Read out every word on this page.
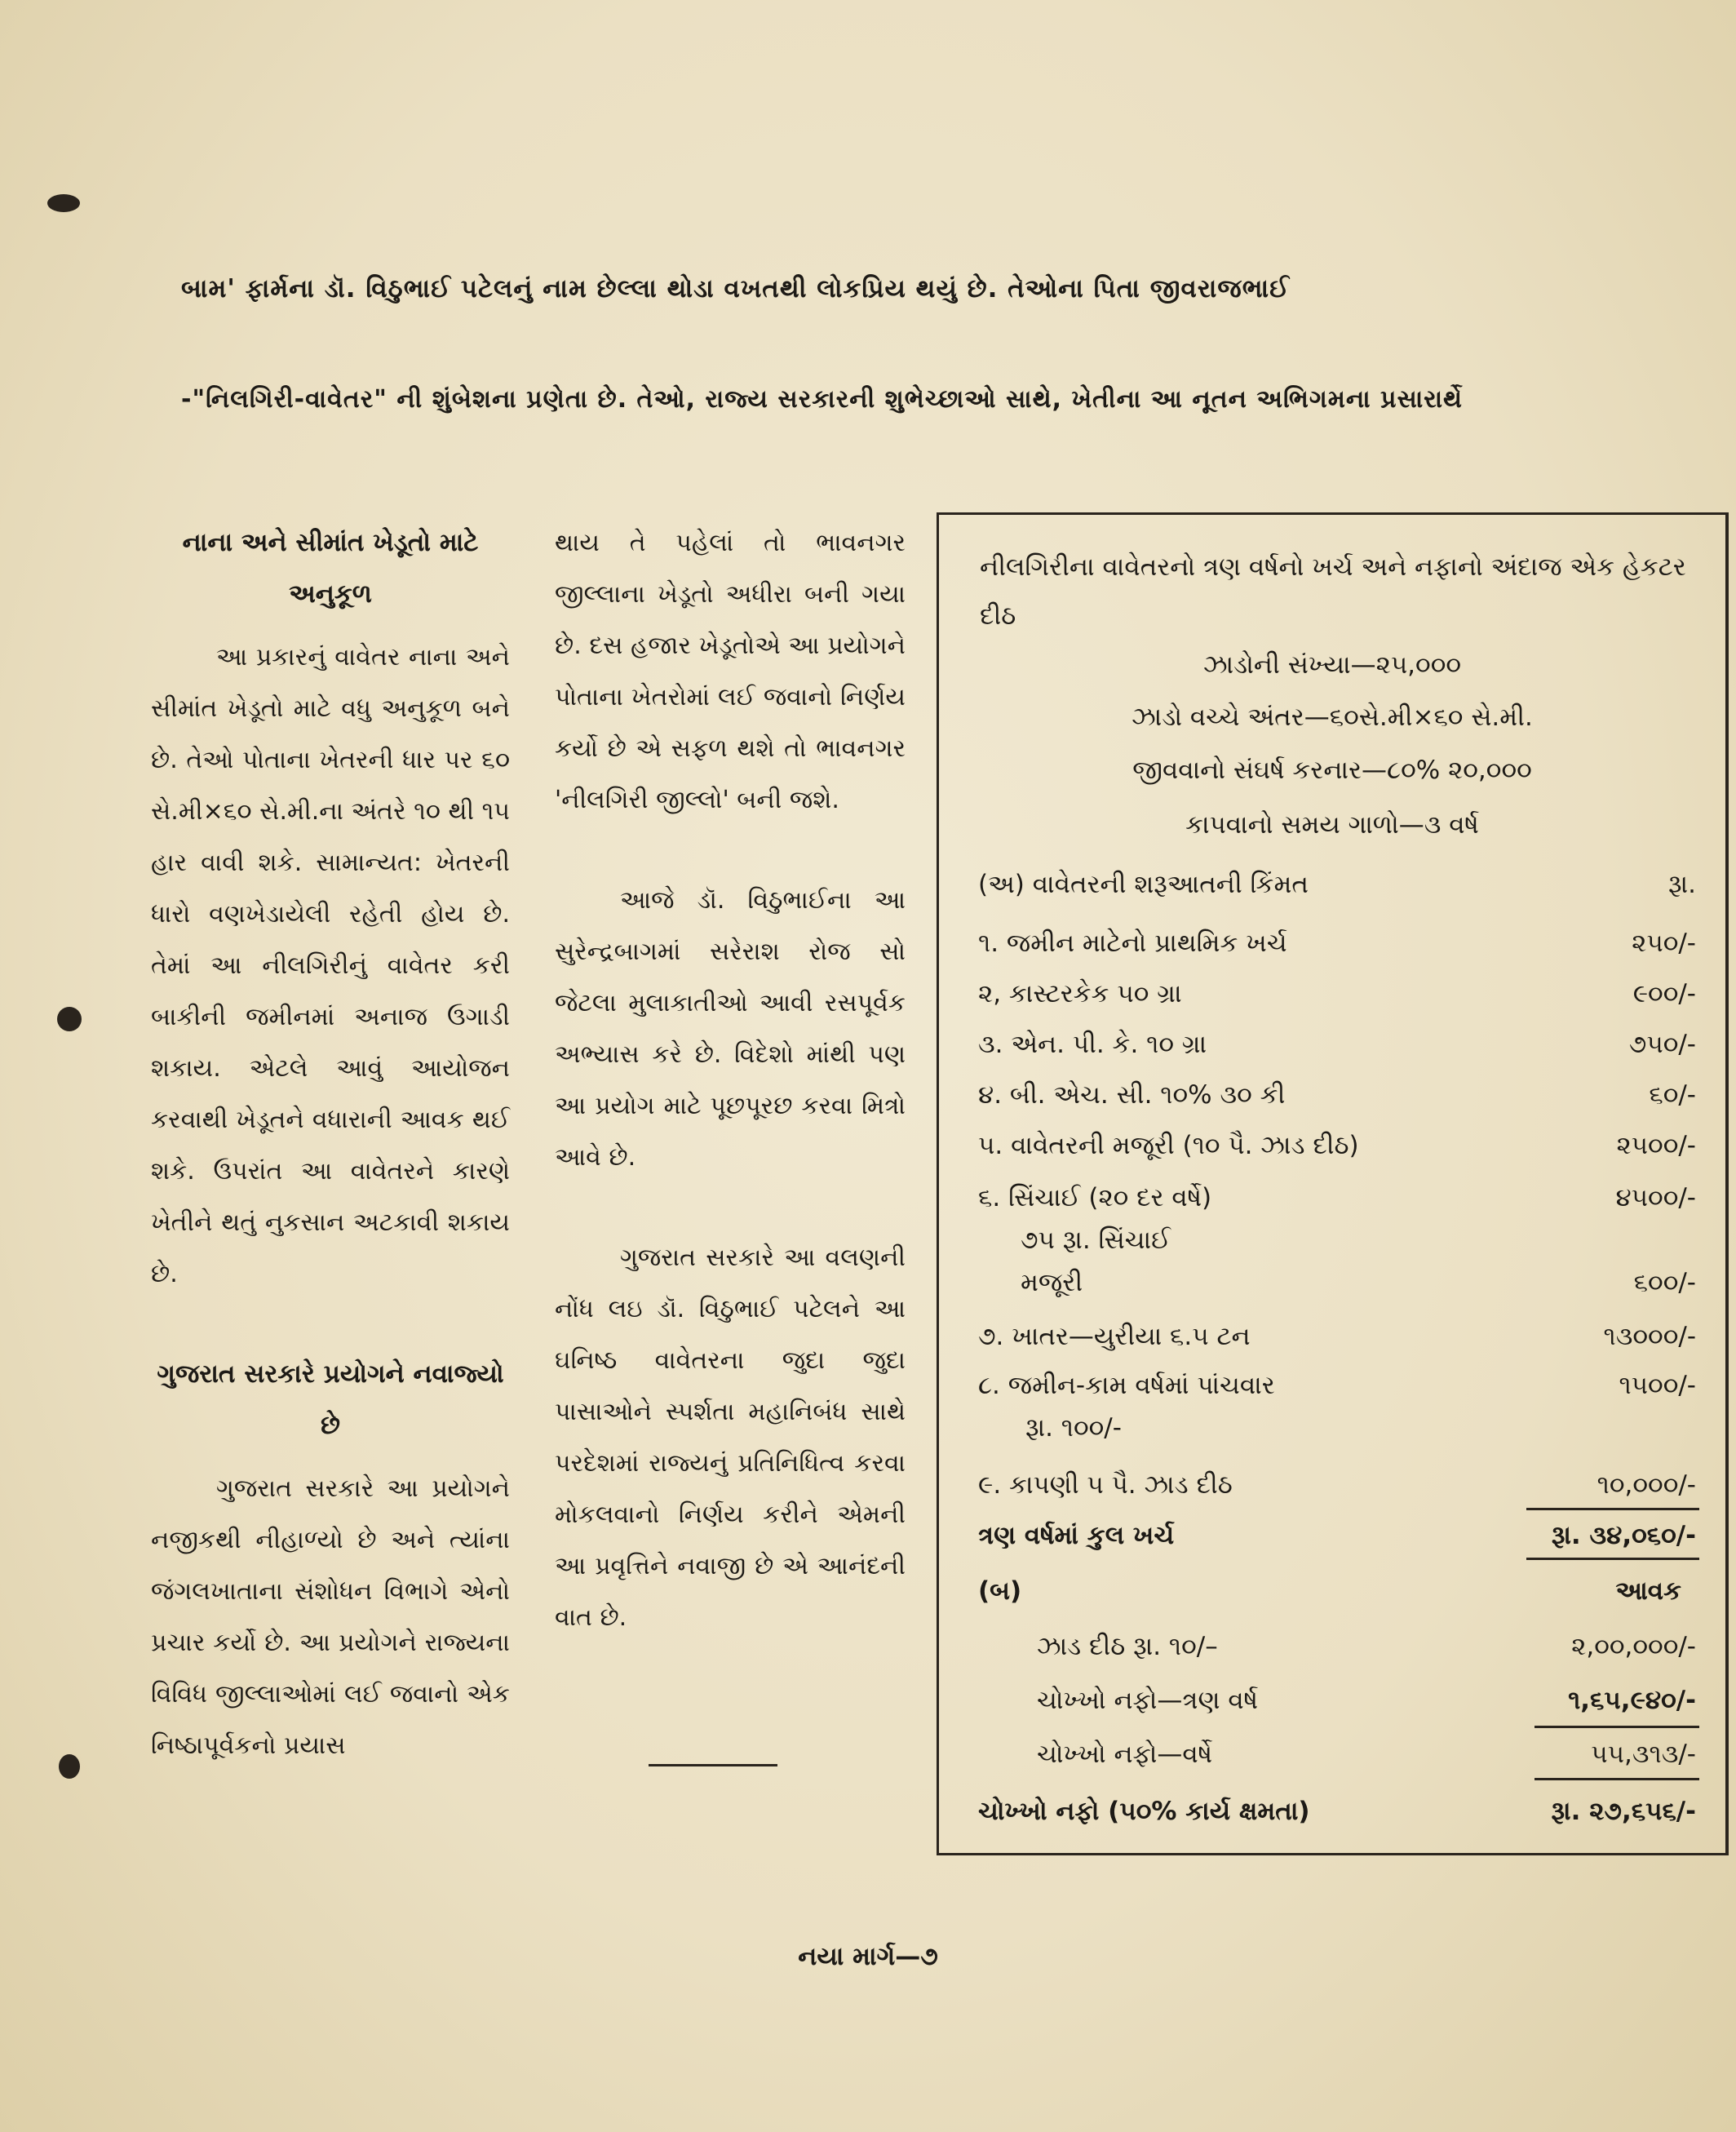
બામ' ફાર્મના ડૉ. વિઠુભાઈ પટેલનું નામ છેલ્લા થોડા વખતથી લોકપ્રિય થયું છે. તેઓના પિતા જીવરાજભાઈ
-"નિલગિરી-વાવેતર" ની શુંબેશના પ્રણેતા છે. તેઓ, રાજ્ય સરકારની શુભેચ્છાઓ સાથે, ખેતીના આ નૂતન અભિગમના પ્રસારાર્થે
નાના અને સીમાંત ખેડૂતો માટે અનુકૂળ

આ પ્રકારનું વાવેતર નાના અને સીમાંત ખેડૂતો માટે વધુ અનુકૂળ બને છે. તેઓ પોતાના ખેતરની ધાર પર ૬૦ સે.મી×૬૦ સે.મી.ના અંતરે ૧૦ થી ૧૫ હાર વાવી શકે. સામાન્યત: ખેતરની ધારો વણખેડાયેલી રહેતી હોય છે. તેમાં આ નીલગિરીનું વાવેતર કરી બાકીની જમીનમાં અનાજ ઉગાડી શકાય. એટલે આવું આયોજન કરવાથી ખેડૂતને વધારાની આવક થઈ શકે. ઉપરાંત આ વાવેતરને કારણે ખેતીને થતું નુકસાન અટકાવી શકાય છે.

ગુજરાત સરકારે પ્રયોગને નવાજ્યો છે

ગુજરાત સરકારે આ પ્રયોગને નજીકથી નીહાળ્યો છે અને ત્યાંના જંગલખાતાના સંશોધન વિભાગે એનો પ્રચાર કર્યો છે. આ પ્રયોગને રાજ્યના વિવિધ જીલ્લાઓમાં લઈ જવાનો એક નિષ્ઠાપૂર્વકનો પ્રયાસ

થાય તે પહેલાં તો ભાવનગર જીલ્લાના ખેડૂતો અધીરા બની ગયા છે. દસ હજાર ખેડૂતોએ આ પ્રયોગને પોતાના ખેતરોમાં લઈ જવાનો નિર્ણય કર્યો છે એ સફળ થશે તો ભાવનગર 'નીલગિરી જીલ્લો' બની જશે.

આજે ડૉ. વિઠુભાઈના આ સુરેન્દ્રબાગમાં સરેરાશ રોજ સો જેટલા મુલાકાતીઓ આવી રસપૂર્વક અભ્યાસ કરે છે. વિદેશો માંથી પણ આ પ્રયોગ માટે પૂછપૂરછ કરવા મિત્રો આવે છે.

ગુજરાત સરકારે આ વલણની નોંધ લઇ ડૉ. વિઠુભાઈ પટેલને આ ઘનિષ્ઠ વાવેતરના જુદા જુદા પાસાઓને સ્પર્શતા મહાનિબંધ સાથે પરદેશમાં રાજ્યનું પ્રતિનિધિત્વ કરવા મોકલવાનો નિર્ણય કરીને એમની આ પ્રવૃત્તિને નવાજી છે એ આનંદની વાત છે.

નીલગિરીના વાવેતરનો ત્રણ વર્ષનો ખર્ચ અને નફાનો અંદાજ એક હેકટર દીઠ
ઝાડોની સંખ્યા—૨૫,૦૦૦
ઝાડો વચ્ચે અંતર—૬૦સે.મી×૬૦ સે.મી.
જીવવાનો સંઘર્ષ કરનાર—૮૦% ૨૦,૦૦૦
કાપવાનો સમય ગાળો—૩ વર્ષ
(અ) વાવેતરની શરૂઆતની કિંમત	રૂા.
૧. જમીન માટેનો પ્રાથમિક ખર્ચ	૨૫૦/-
૨, કાસ્ટરકેક ૫૦ ગ્રા	૯૦૦/-
૩. એન. પી. કે. ૧૦ ગ્રા	૭૫૦/-
૪. બી. એચ. સી. ૧૦% ૩૦ કી	૬૦/-
૫. વાવેતરની મજૂરી (૧૦ પૈ. ઝાડ દીઠ)	૨૫૦૦/-
૬. સિંચાઈ (૨૦ દર વર્ષે)	૪૫૦૦/-
૭૫ રૂા. સિંચાઈ
મજૂરી	૬૦૦/-
૭. ખાતર—યુરીયા ૬.૫ ટન	૧૩૦૦૦/-
૮. જમીન-કામ વર્ષમાં પાંચવાર	૧૫૦૦/-
રૂા. ૧૦૦/-
૯. કાપણી ૫ પૈ. ઝાડ દીઠ	૧૦,૦૦૦/-
ત્રણ વર્ષમાં કુલ ખર્ચ	રૂા. ૩૪,૦૬૦/-
(બ)	આવક
ઝાડ દીઠ રૂા. ૧૦/–	૨,૦૦,૦૦૦/-
ચોખ્ખો નફો—ત્રણ વર્ષ	૧,૬૫,૯૪૦/-
ચોખ્ખો નફો—વર્ષે	૫૫,૩૧૩/-
ચોખ્ખો નફો (૫૦% કાર્ય ક્ષમતા)	રૂા. ૨૭,૬૫૬/-
નયા માર્ગ—૭
